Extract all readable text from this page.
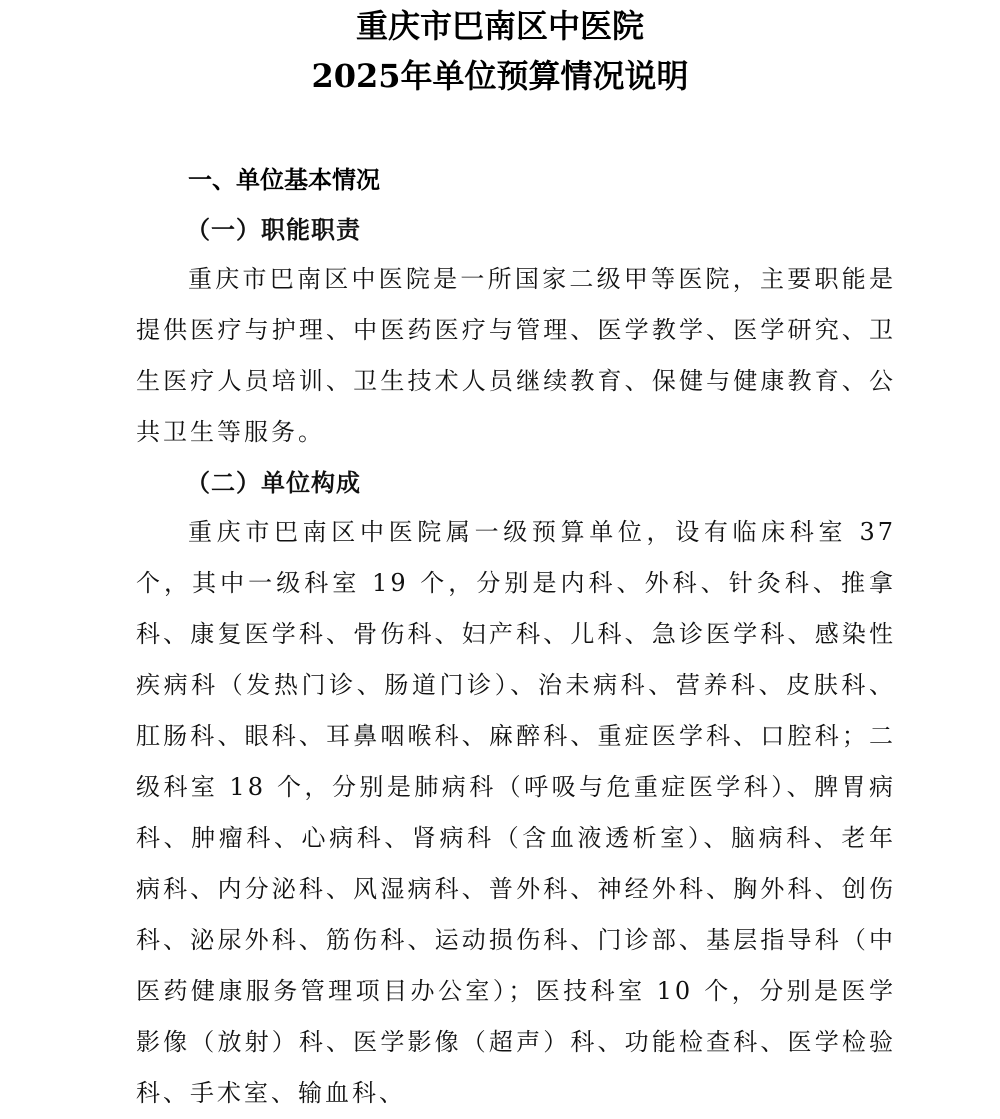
重庆市巴南区中医院
2025年单位预算情况说明
一、单位基本情况
（一）职能职责

重庆市巴南区中医院是一所国家二级甲等医院，主要职能是提供医疗与护理、中医药医疗与管理、医学教学、医学研究、卫生医疗人员培训、卫生技术人员继续教育、保健与健康教育、公共卫生等服务。

（二）单位构成

重庆市巴南区中医院属一级预算单位，设有临床科室 37 个，其中一级科室 19 个，分别是内科、外科、针灸科、推拿科、康复医学科、骨伤科、妇产科、儿科、急诊医学科、感染性疾病科（发热门诊、肠道门诊）、治未病科、营养科、皮肤科、肛肠科、眼科、耳鼻咽喉科、麻醉科、重症医学科、口腔科；二级科室 18 个，分别是肺病科（呼吸与危重症医学科）、脾胃病科、肿瘤科、心病科、肾病科（含血液透析室）、脑病科、老年病科、内分泌科、风湿病科、普外科、神经外科、胸外科、创伤科、泌尿外科、筋伤科、运动损伤科、门诊部、基层指导科（中医药健康服务管理项目办公室）；医技科室 10 个，分别是医学影像（放射）科、医学影像（超声）科、功能检查科、医学检验科、手术室、输血科、
